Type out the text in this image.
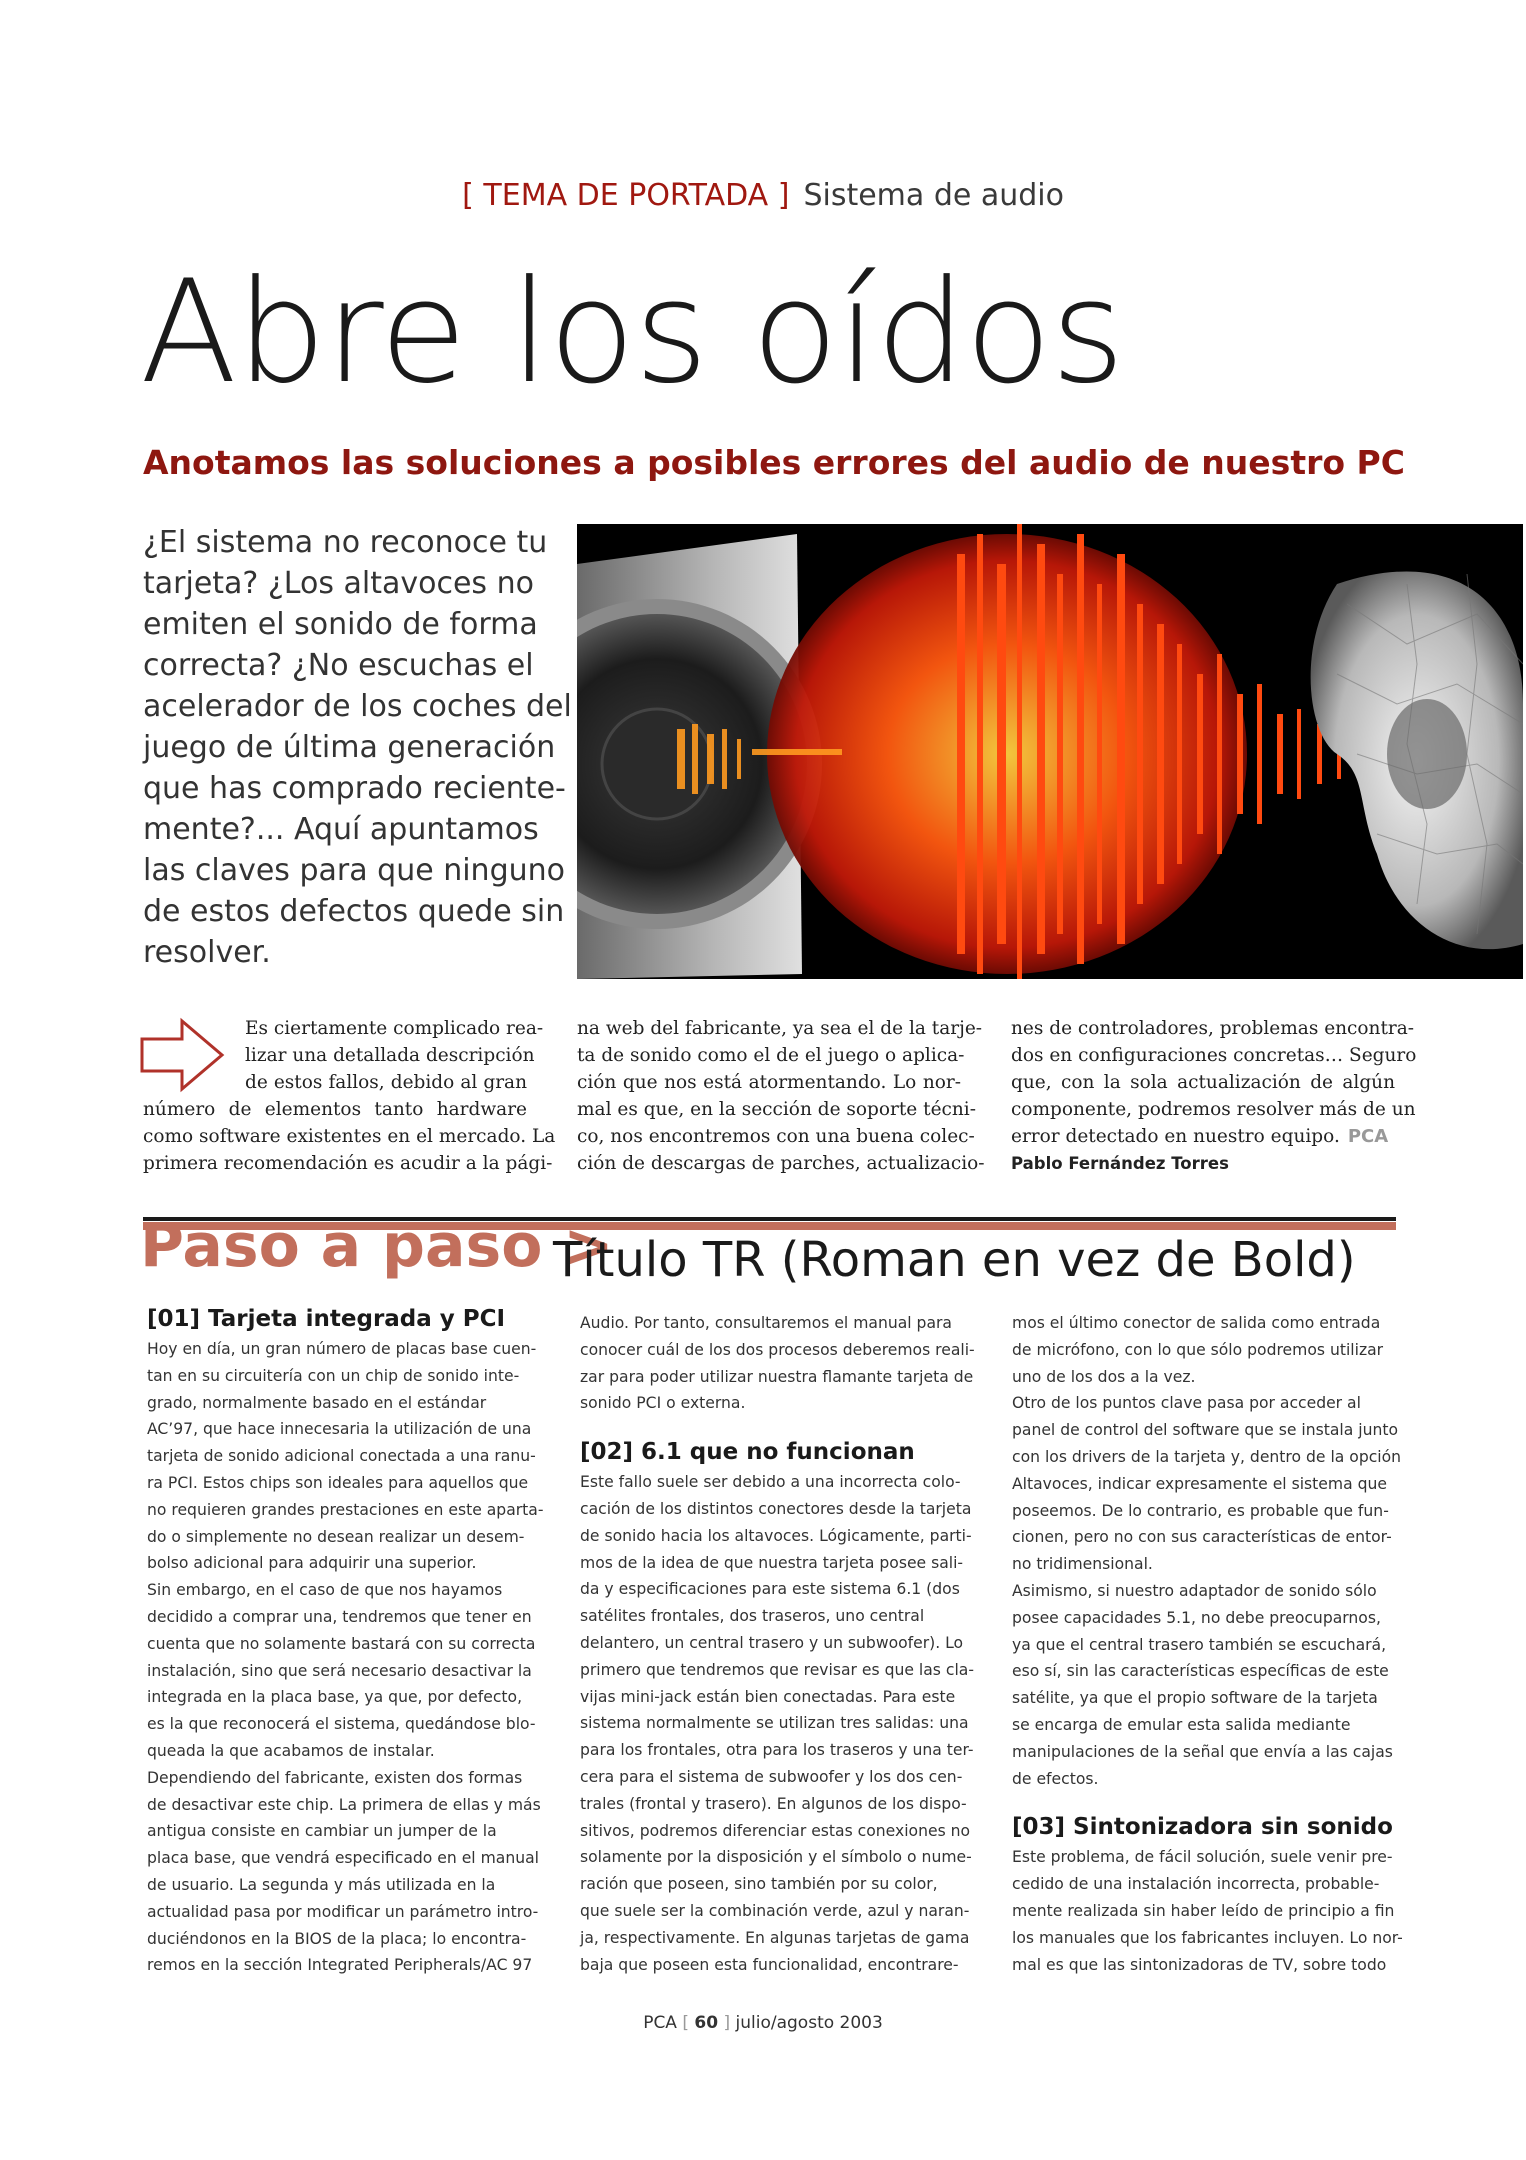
[ TEMA DE PORTADA ] Sistema de audio
Abre los oídos
Anotamos las soluciones a posibles errores del audio de nuestro PC
¿El sistema no reconoce tu
tarjeta? ¿Los altavoces no
emiten el sonido de forma
correcta? ¿No escuchas el
acelerador de los coches del
juego de última generación
que has comprado reciente-
mente?... Aquí apuntamos
las claves para que ninguno
de estos defectos quede sin
resolver.
Es ciertamente complicado rea-
lizar una detallada descripción
de estos fallos, debido al gran
número de elementos tanto hardware
como software existentes en el mercado. La
primera recomendación es acudir a la pági-
na web del fabricante, ya sea el de la tarje-
ta de sonido como el de el juego o aplica-
ción que nos está atormentando. Lo nor-
mal es que, en la sección de soporte técni-
co, nos encontremos con una buena colec-
ción de descargas de parches, actualizacio-
nes de controladores, problemas encontra-
dos en configuraciones concretas… Seguro
que, con la sola actualización de algún
componente, podremos resolver más de un
error detectado en nuestro equipo. PCA
Pablo Fernández Torres
Paso a paso >
Título TR (Roman en vez de Bold)
[01] Tarjeta integrada y PCI
Hoy en día, un gran número de placas base cuen-
tan en su circuitería con un chip de sonido inte-
grado, normalmente basado en el estándar
AC’97, que hace innecesaria la utilización de una
tarjeta de sonido adicional conectada a una ranu-
ra PCI. Estos chips son ideales para aquellos que
no requieren grandes prestaciones en este aparta-
do o simplemente no desean realizar un desem-
bolso adicional para adquirir una superior.
Sin embargo, en el caso de que nos hayamos
decidido a comprar una, tendremos que tener en
cuenta que no solamente bastará con su correcta
instalación, sino que será necesario desactivar la
integrada en la placa base, ya que, por defecto,
es la que reconocerá el sistema, quedándose blo-
queada la que acabamos de instalar.
Dependiendo del fabricante, existen dos formas
de desactivar este chip. La primera de ellas y más
antigua consiste en cambiar un jumper de la
placa base, que vendrá especificado en el manual
de usuario. La segunda y más utilizada en la
actualidad pasa por modificar un parámetro intro-
duciéndonos en la BIOS de la placa; lo encontra-
remos en la sección Integrated Peripherals/AC 97
Audio. Por tanto, consultaremos el manual para
conocer cuál de los dos procesos deberemos reali-
zar para poder utilizar nuestra flamante tarjeta de
sonido PCI o externa.
[02] 6.1 que no funcionan
Este fallo suele ser debido a una incorrecta colo-
cación de los distintos conectores desde la tarjeta
de sonido hacia los altavoces. Lógicamente, parti-
mos de la idea de que nuestra tarjeta posee sali-
da y especificaciones para este sistema 6.1 (dos
satélites frontales, dos traseros, uno central
delantero, un central trasero y un subwoofer). Lo
primero que tendremos que revisar es que las cla-
vijas mini-jack están bien conectadas. Para este
sistema normalmente se utilizan tres salidas: una
para los frontales, otra para los traseros y una ter-
cera para el sistema de subwoofer y los dos cen-
trales (frontal y trasero). En algunos de los dispo-
sitivos, podremos diferenciar estas conexiones no
solamente por la disposición y el símbolo o nume-
ración que poseen, sino también por su color,
que suele ser la combinación verde, azul y naran-
ja, respectivamente. En algunas tarjetas de gama
baja que poseen esta funcionalidad, encontrare-
mos el último conector de salida como entrada
de micrófono, con lo que sólo podremos utilizar
uno de los dos a la vez.
Otro de los puntos clave pasa por acceder al
panel de control del software que se instala junto
con los drivers de la tarjeta y, dentro de la opción
Altavoces, indicar expresamente el sistema que
poseemos. De lo contrario, es probable que fun-
cionen, pero no con sus características de entor-
no tridimensional.
Asimismo, si nuestro adaptador de sonido sólo
posee capacidades 5.1, no debe preocuparnos,
ya que el central trasero también se escuchará,
eso sí, sin las características específicas de este
satélite, ya que el propio software de la tarjeta
se encarga de emular esta salida mediante
manipulaciones de la señal que envía a las cajas
de efectos.
[03] Sintonizadora sin sonido
Este problema, de fácil solución, suele venir pre-
cedido de una instalación incorrecta, probable-
mente realizada sin haber leído de principio a fin
los manuales que los fabricantes incluyen. Lo nor-
mal es que las sintonizadoras de TV, sobre todo
PCA [ 60 ] julio/agosto 2003
